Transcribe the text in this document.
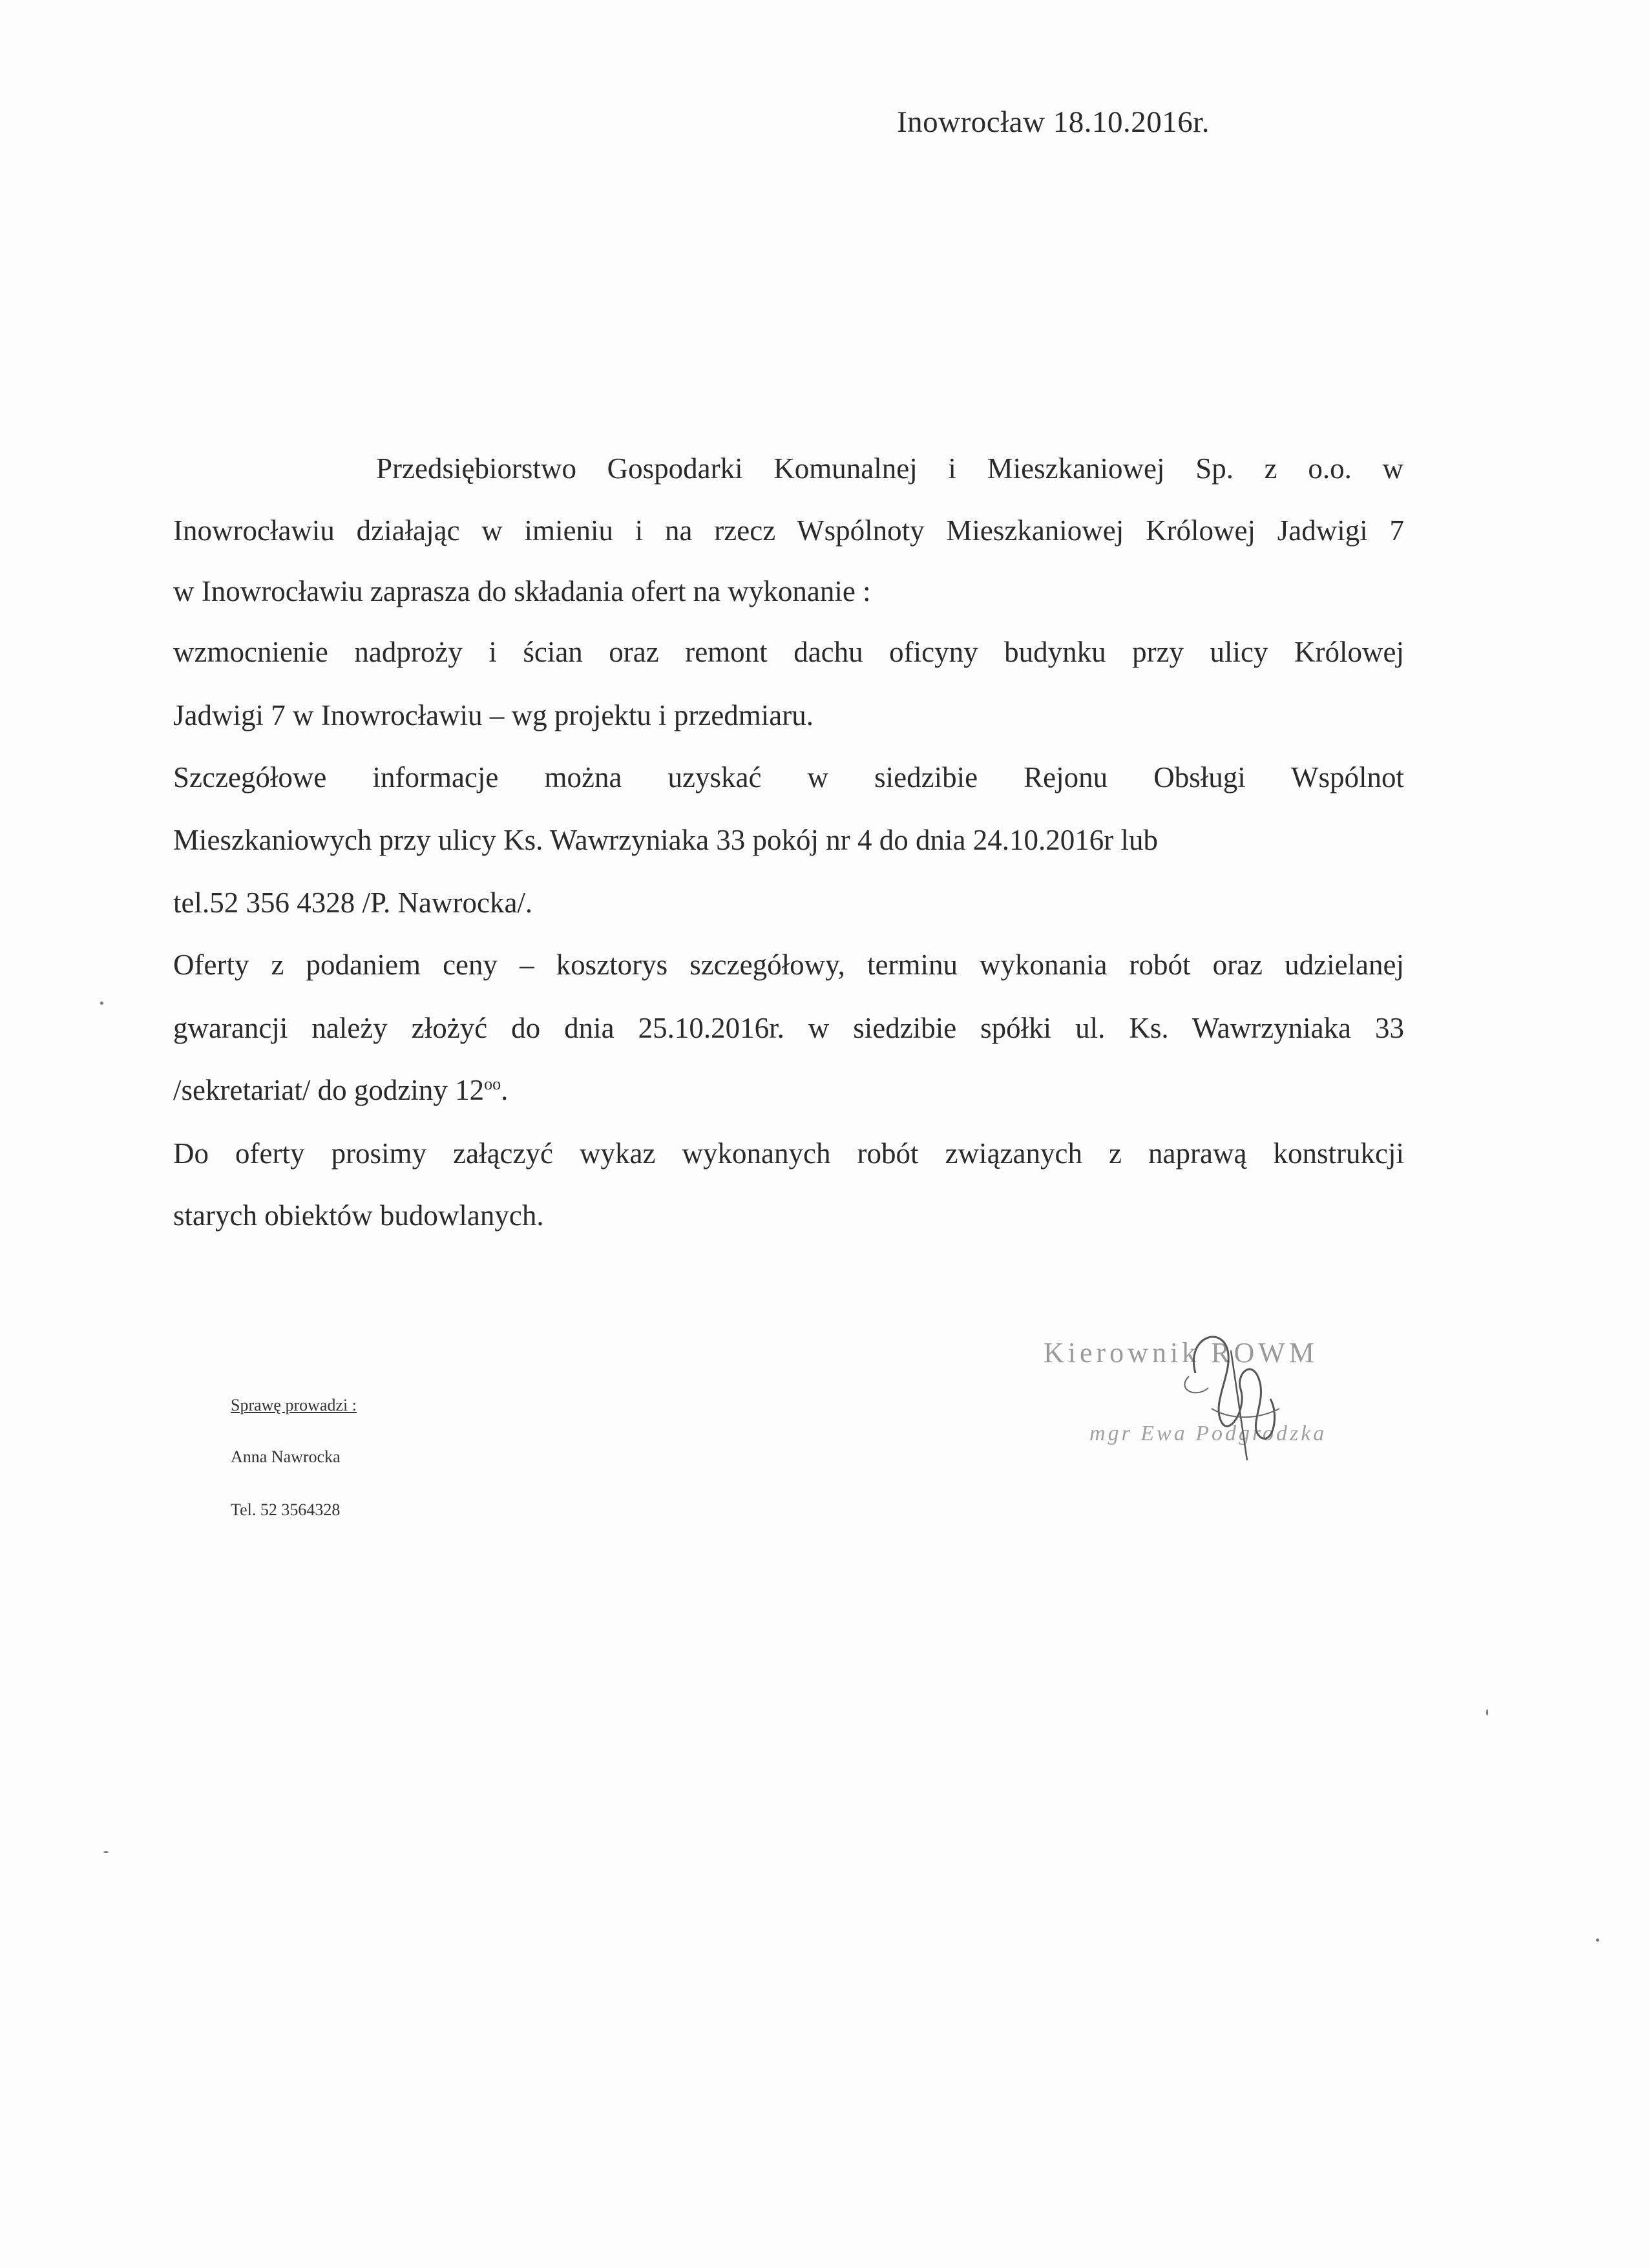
Inowrocław 18.10.2016r.
Przedsiębiorstwo Gospodarki Komunalnej i Mieszkaniowej Sp. z o.o. w
Inowrocławiu działając w imieniu i na rzecz Wspólnoty Mieszkaniowej Królowej Jadwigi 7
w Inowrocławiu zaprasza do składania ofert na wykonanie :
wzmocnienie nadproży i ścian oraz remont dachu oficyny budynku przy ulicy Królowej
Jadwigi 7 w Inowrocławiu – wg projektu i przedmiaru.
Szczegółowe informacje można uzyskać w siedzibie Rejonu Obsługi Wspólnot
Mieszkaniowych przy ulicy Ks. Wawrzyniaka 33 pokój nr 4 do dnia 24.10.2016r lub
tel.52 356 4328 /P. Nawrocka/.
Oferty z podaniem ceny – kosztorys szczegółowy, terminu wykonania robót oraz udzielanej
gwarancji należy złożyć do dnia 25.10.2016r. w siedzibie spółki ul. Ks. Wawrzyniaka 33
/sekretariat/ do godziny $12^{oo}$.
Do oferty prosimy załączyć wykaz wykonanych robót związanych z naprawą konstrukcji
starych obiektów budowlanych.
Sprawę prowadzi :
Anna Nawrocka
Tel. 52 3564328
Kierownik ROWM
mgr Ewa Podgrodzka
